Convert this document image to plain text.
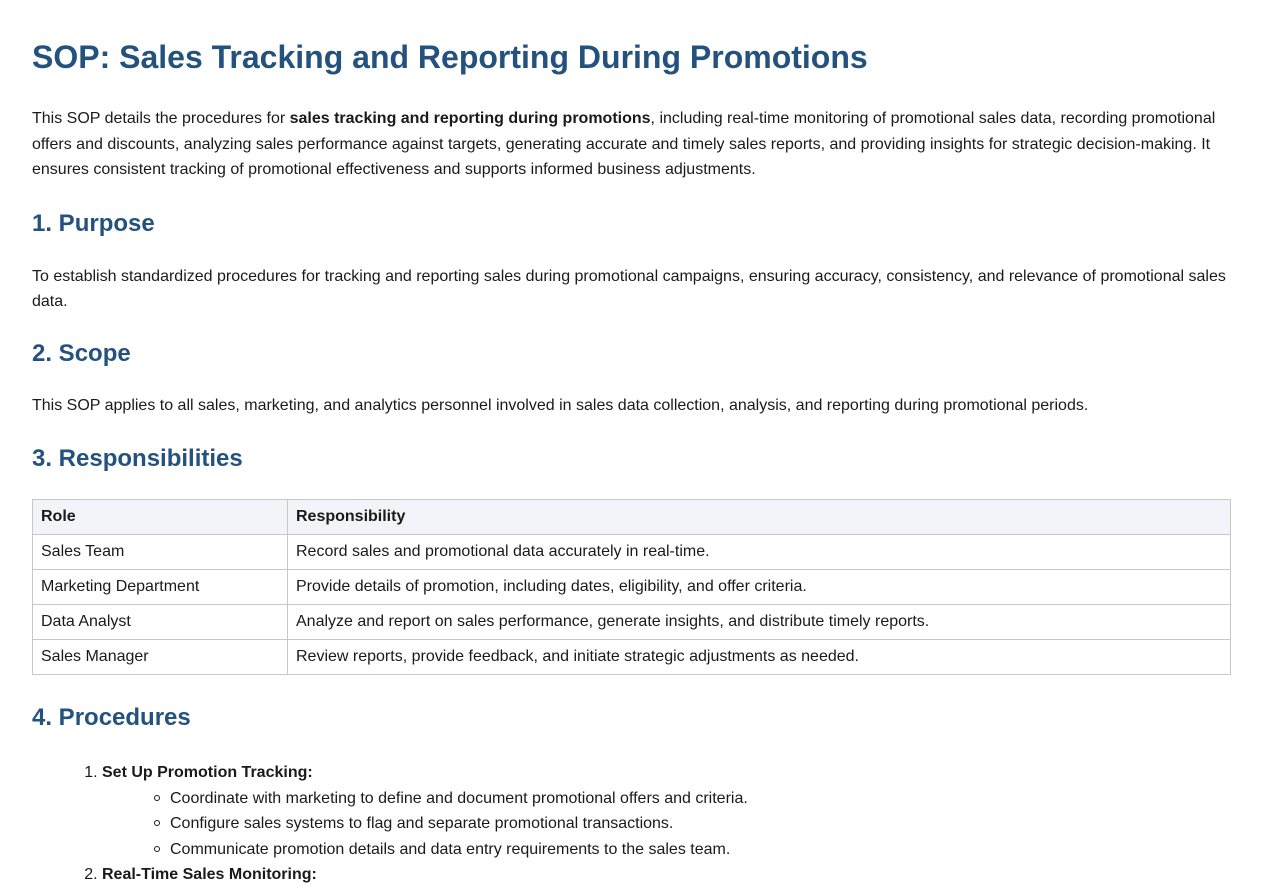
SOP: Sales Tracking and Reporting During Promotions

This SOP details the procedures for sales tracking and reporting during promotions, including real-time monitoring of promotional sales data, recording promotional offers and discounts, analyzing sales performance against targets, generating accurate and timely sales reports, and providing insights for strategic decision-making. It ensures consistent tracking of promotional effectiveness and supports informed business adjustments.

1. Purpose

To establish standardized procedures for tracking and reporting sales during promotional campaigns, ensuring accuracy, consistency, and relevance of promotional sales data.

2. Scope

This SOP applies to all sales, marketing, and analytics personnel involved in sales data collection, analysis, and reporting during promotional periods.

3. Responsibilities
Role	Responsibility
Sales Team	Record sales and promotional data accurately in real-time.
Marketing Department	Provide details of promotion, including dates, eligibility, and offer criteria.
Data Analyst	Analyze and report on sales performance, generate insights, and distribute timely reports.
Sales Manager	Review reports, provide feedback, and initiate strategic adjustments as needed.
4. Procedures
1. Set Up Promotion Tracking:
Coordinate with marketing to define and document promotional offers and criteria.
Configure sales systems to flag and separate promotional transactions.
Communicate promotion details and data entry requirements to the sales team.
2. Real-Time Sales Monitoring:
